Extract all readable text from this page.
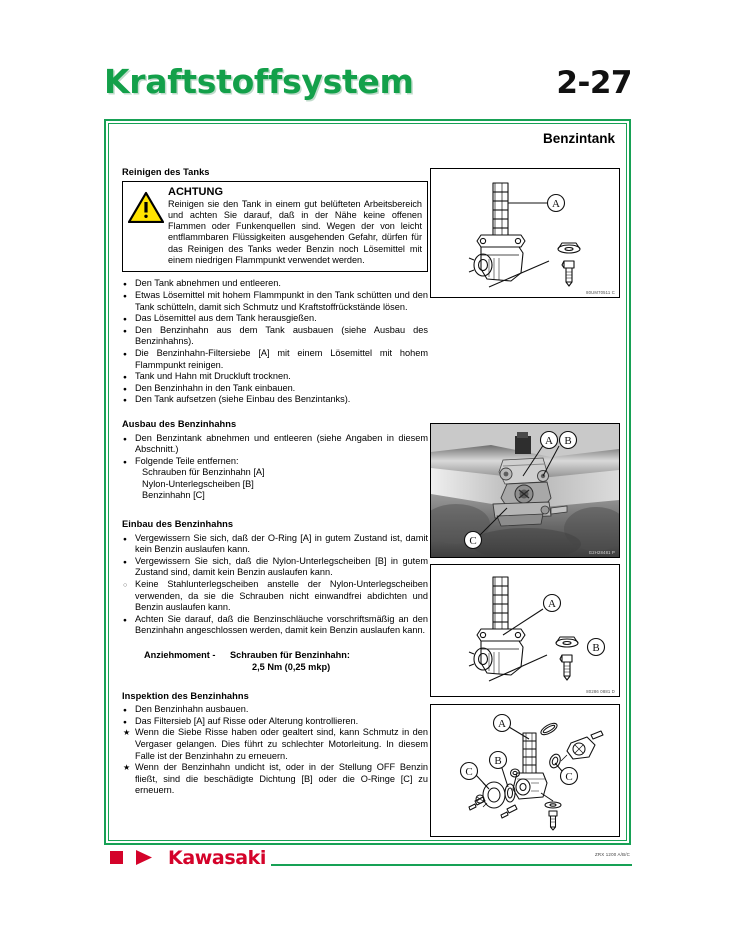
Kraftstoffsystem	2-27
Benzintank
Reinigen des Tanks
ACHTUNG
Reinigen sie den Tank in einem gut belüfteten Arbeitsbereich und achten Sie darauf, daß in der Nähe keine offenen Flammen oder Funkenquellen sind. Wegen der von leicht entflammbaren Flüssigkeiten ausgehenden Gefahr, dürfen für das Reinigen des Tanks weder Benzin noch Lösemittel mit einem niedrigen Flammpunkt verwendet werden.
●
Den Tank abnehmen und entleeren.
●
Etwas Lösemittel mit hohem Flammpunkt in den Tank schütten und den Tank schütteln, damit sich Schmutz und Kraftstoffrückstände lösen.
●
Das Lösemittel aus dem Tank herausgießen.
●
Den Benzinhahn aus dem Tank ausbauen (siehe Ausbau des Benzinhahns).
●
Die Benzinhahn-Filtersiebe [A] mit einem Lösemittel mit hohem Flammpunkt reinigen.
●
Tank und Hahn mit Druckluft trocknen.
●
Den Benzinhahn in den Tank einbauen.
●
Den Tank aufsetzen (siehe Einbau des Benzintanks).
Ausbau des Benzinhahns
●
Den Benzintank abnehmen und entleeren (siehe Angaben in diesem Abschnitt.)
●
Folgende Teile entfernen:
Schrauben für Benzinhahn [A]
Nylon-Unterlegscheiben [B]
Benzinhahn [C]
Einbau des Benzinhahns
●
Vergewissern Sie sich, daß der O-Ring [A] in gutem Zustand ist, damit kein Benzin auslaufen kann.
●
Vergewissern Sie sich, daß die Nylon-Unterlegscheiben [B] in gutem Zustand sind, damit kein Benzin auslaufen kann.
○
Keine Stahlunterlegscheiben anstelle der Nylon-Unterlegscheiben verwenden, da sie die Schrauben nicht einwandfrei abdichten und Benzin auslaufen kann.
●
Achten Sie darauf, daß die Benzinschläuche vorschriftsmäßig an den Benzinhahn angeschlossen werden, damit kein Benzin auslaufen kann.
Anziehmoment - Schrauben für Benzinhahn:
2,5 Nm (0,25 mkp)
Inspektion des Benzinhahns
●
Den Benzinhahn ausbauen.
●
Das Filtersieb [A] auf Risse oder Alterung kontrollieren.
★
Wenn die Siebe Risse haben oder gealtert sind, kann Schmutz in den Vergaser gelangen. Dies führt zu schlechter Motorleitung. In diesem Falle ist der Benzinhahn zu erneuern.
★
Wenn der Benzinhahn undicht ist, oder in der Stellung OFF Benzin fließt, sind die beschädigte Dichtung [B] oder die O-Ringe [C] zu erneuern.
A
80UM70511 C
A B
C
G2H28481 P
A
B
80286 0881 D
A
B
C	C
Kawasaki	ZRX 1200 A/B/C
